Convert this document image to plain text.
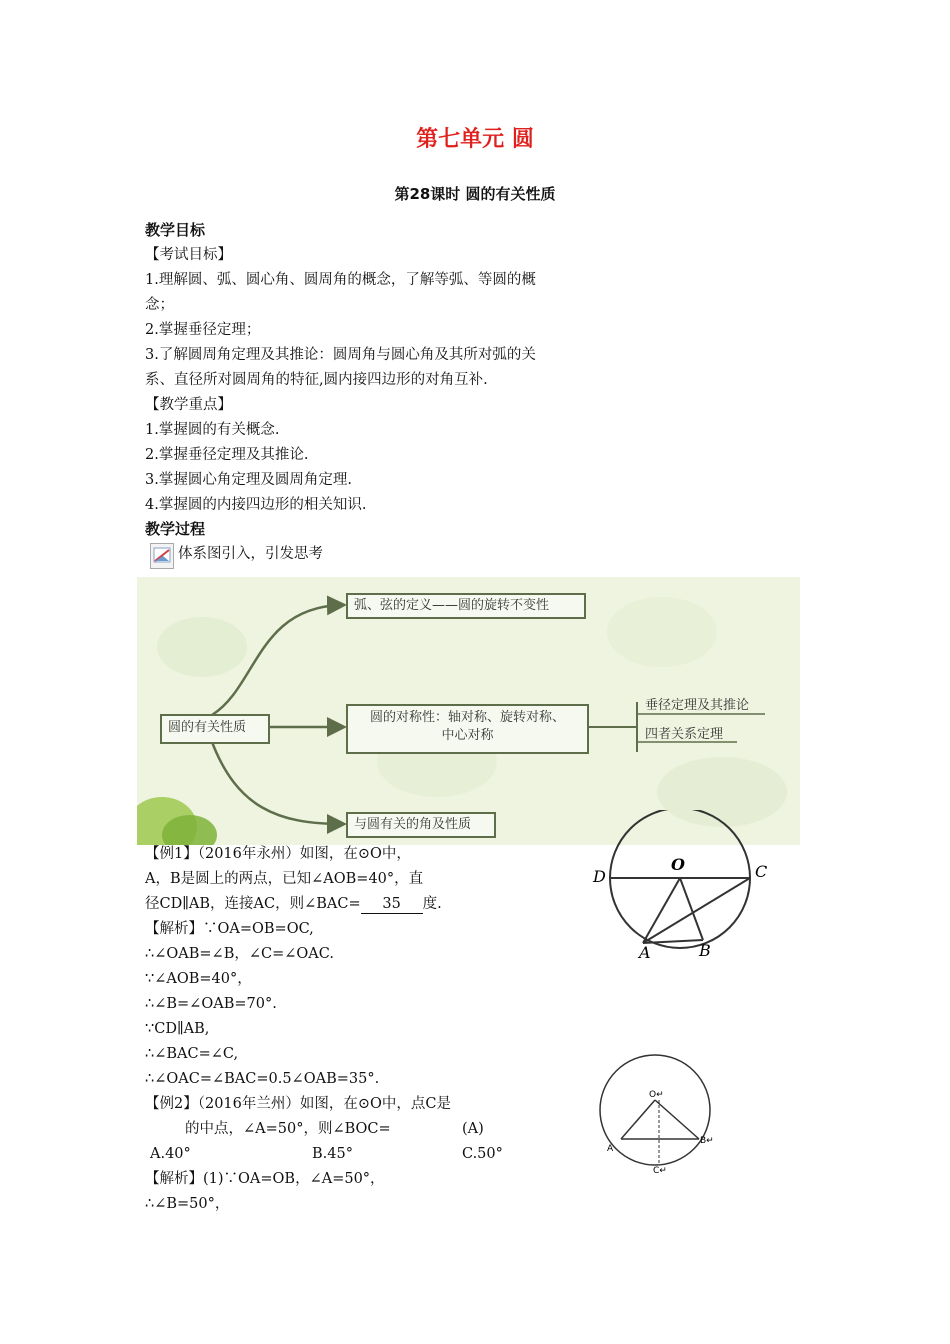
第七单元 圆
第28课时 圆的有关性质
教学目标
【考试目标】
1.理解圆、弧、圆心角、圆周角的概念，了解等弧、等圆的概
念；
2.掌握垂径定理；
3.了解圆周角定理及其推论：圆周角与圆心角及其所对弧的关
系、直径所对圆周角的特征,圆内接四边形的对角互补.
【教学重点】
1.掌握圆的有关概念.
2.掌握垂径定理及其推论.
3.掌握圆心角定理及圆周角定理.
4.掌握圆的内接四边形的相关知识.
教学过程
体系图引入，引发思考
圆的有关性质
弧、弦的定义——圆的旋转不变性
圆的对称性：轴对称、旋转对称、
中心对称
垂径定理及其推论
四者关系定理
与圆有关的角及性质
【例1】（2016年永州）如图，在⊙O中，
A，B是圆上的两点，已知∠AOB=40°，直
径CD∥AB，连接AC，则∠BAC= 35 度.
【解析】∵OA=OB=OC,
∴∠OAB=∠B，∠C=∠OAC.
∵∠AOB=40°，
∴∠B=∠OAB=70°.
∵CD∥AB,
∴∠BAC=∠C,
∴∠OAC=∠BAC=0.5∠OAB=35°.
D
O	C
A	B
【例2】（2016年兰州）如图，在⊙O中，点C是
的中点，∠A=50°，则∠BOC=	(A)
A.40°	B.45°	C.50°
【解析】(1)∵OA=OB，∠A=50°，
∴∠B=50°，
O↵
A
B↵
C↵
